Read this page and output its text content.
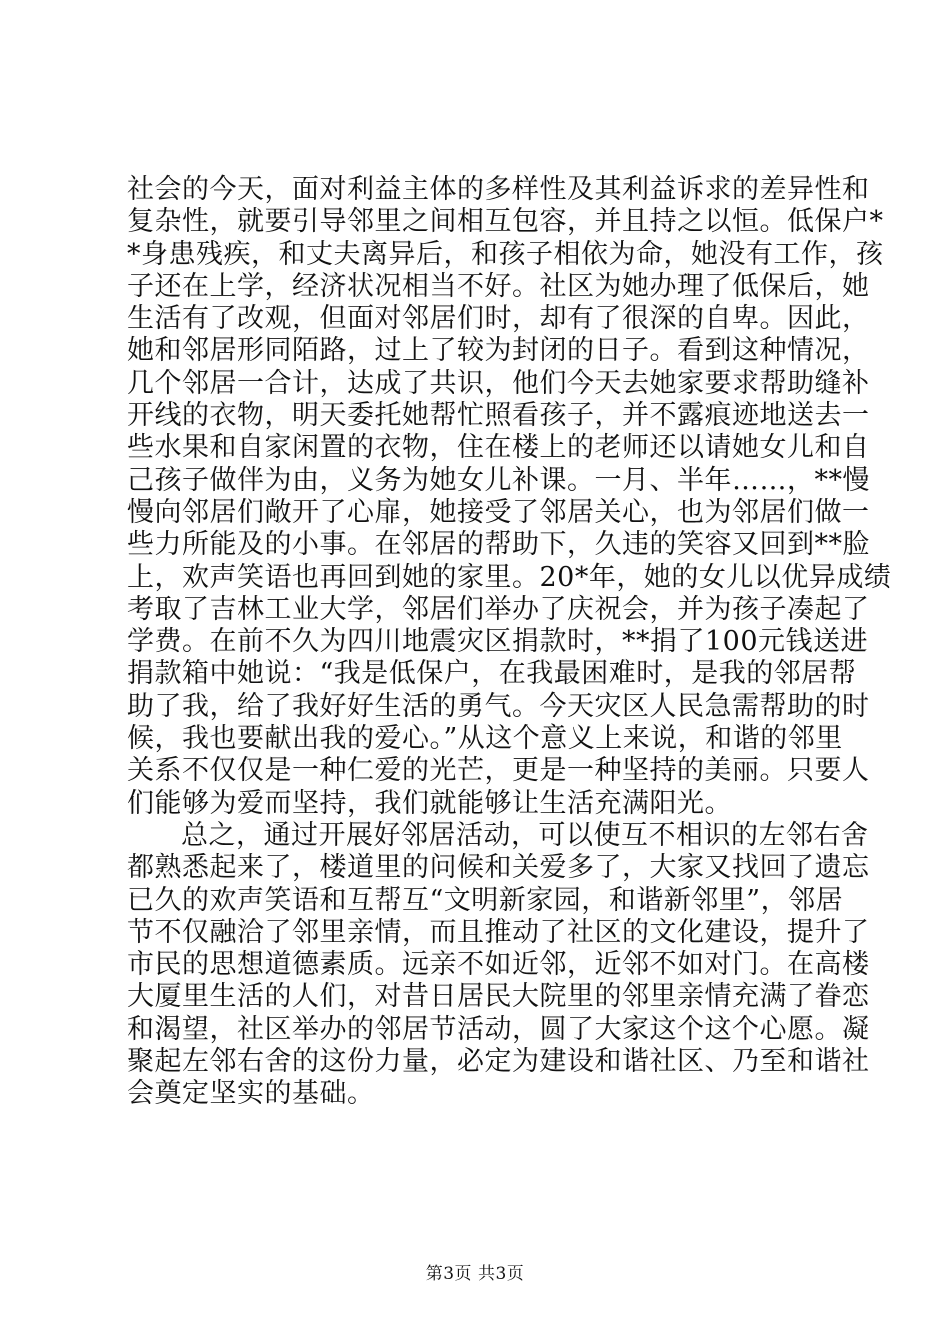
社会的今天，面对利益主体的多样性及其利益诉求的差异性和
复杂性，就要引导邻里之间相互包容，并且持之以恒。低保户*
*身患残疾，和丈夫离异后，和孩子相依为命，她没有工作，孩
子还在上学，经济状况相当不好。社区为她办理了低保后，她
生活有了改观，但面对邻居们时，却有了很深的自卑。因此，
她和邻居形同陌路，过上了较为封闭的日子。看到这种情况，
几个邻居一合计，达成了共识，他们今天去她家要求帮助缝补
开线的衣物，明天委托她帮忙照看孩子，并不露痕迹地送去一
些水果和自家闲置的衣物，住在楼上的老师还以请她女儿和自
己孩子做伴为由，义务为她女儿补课。一月、半年……，**慢
慢向邻居们敞开了心扉，她接受了邻居关心，也为邻居们做一
些力所能及的小事。在邻居的帮助下，久违的笑容又回到**脸
上，欢声笑语也再回到她的家里。20*年，她的女儿以优异成绩
考取了吉林工业大学，邻居们举办了庆祝会，并为孩子凑起了
学费。在前不久为四川地震灾区捐款时，**捐了100元钱送进
捐款箱中她说：“我是低保户，在我最困难时，是我的邻居帮
助了我，给了我好好生活的勇气。今天灾区人民急需帮助的时
候，我也要献出我的爱心。”从这个意义上来说，和谐的邻里
关系不仅仅是一种仁爱的光芒，更是一种坚持的美丽。只要人
们能够为爱而坚持，我们就能够让生活充满阳光。
总之，通过开展好邻居活动，可以使互不相识的左邻右舍
都熟悉起来了，楼道里的问候和关爱多了，大家又找回了遗忘
已久的欢声笑语和互帮互“文明新家园，和谐新邻里”，邻居
节不仅融洽了邻里亲情，而且推动了社区的文化建设，提升了
市民的思想道德素质。远亲不如近邻，近邻不如对门。在高楼
大厦里生活的人们，对昔日居民大院里的邻里亲情充满了眷恋
和渴望，社区举办的邻居节活动，圆了大家这个这个心愿。凝
聚起左邻右舍的这份力量，必定为建设和谐社区、乃至和谐社
会奠定坚实的基础。
第3页 共3页
